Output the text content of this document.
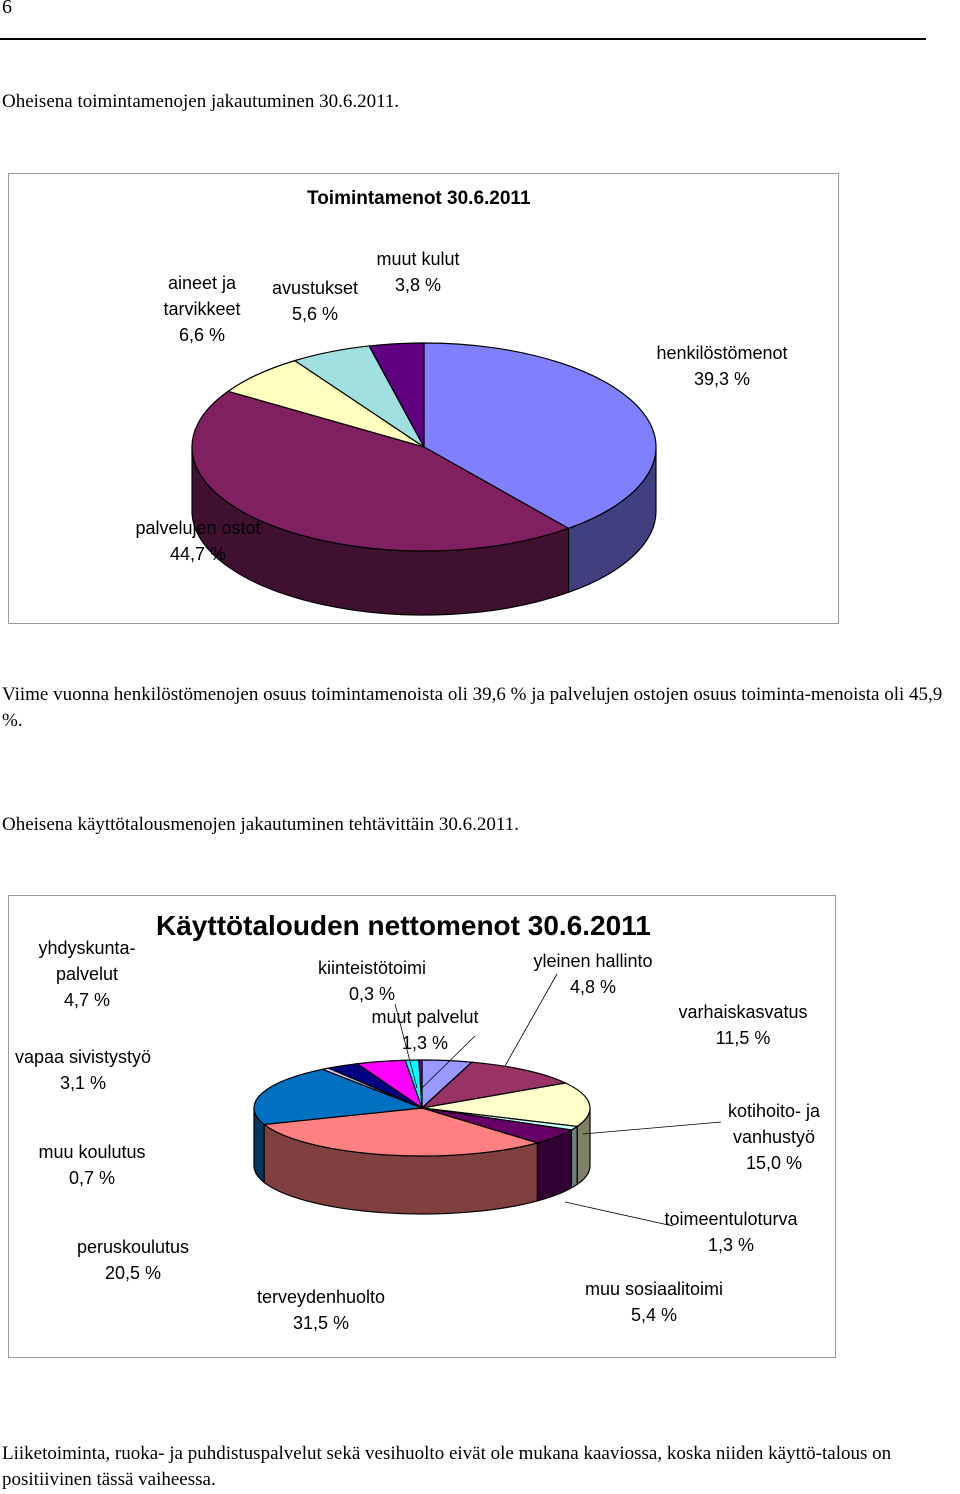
6
Oheisena toimintamenojen jakautuminen 30.6.2011.
Toimintamenot 30.6.2011
aineet ja
tarvikkeet
6,6 %
avustukset
5,6 %
muut kulut
3,8 %
henkilöstömenot
39,3 %
palvelujen ostot
44,7 %
Viime vuonna henkilöstömenojen osuus toimintamenoista oli 39,6 % ja palvelujen ostojen osuus toiminta-menoista oli 45,9 %.
Oheisena käyttötalousmenojen jakautuminen tehtävittäin 30.6.2011.
Käyttötalouden nettomenot 30.6.2011
yhdyskunta-
palvelut
4,7 %
vapaa sivistystyö
3,1 %
muu koulutus
0,7 %
peruskoulutus
20,5 %
terveydenhuolto
31,5 %
muu sosiaalitoimi
5,4 %
toimeentuloturva
1,3 %
kotihoito- ja
vanhustyö
15,0 %
varhaiskasvatus
11,5 %
yleinen hallinto
4,8 %
kiinteistötoimi
0,3 %
muut palvelut
1,3 %
Liiketoiminta, ruoka- ja puhdistuspalvelut sekä vesihuolto eivät ole mukana kaaviossa, koska niiden käyttö-talous on positiivinen tässä vaiheessa.
